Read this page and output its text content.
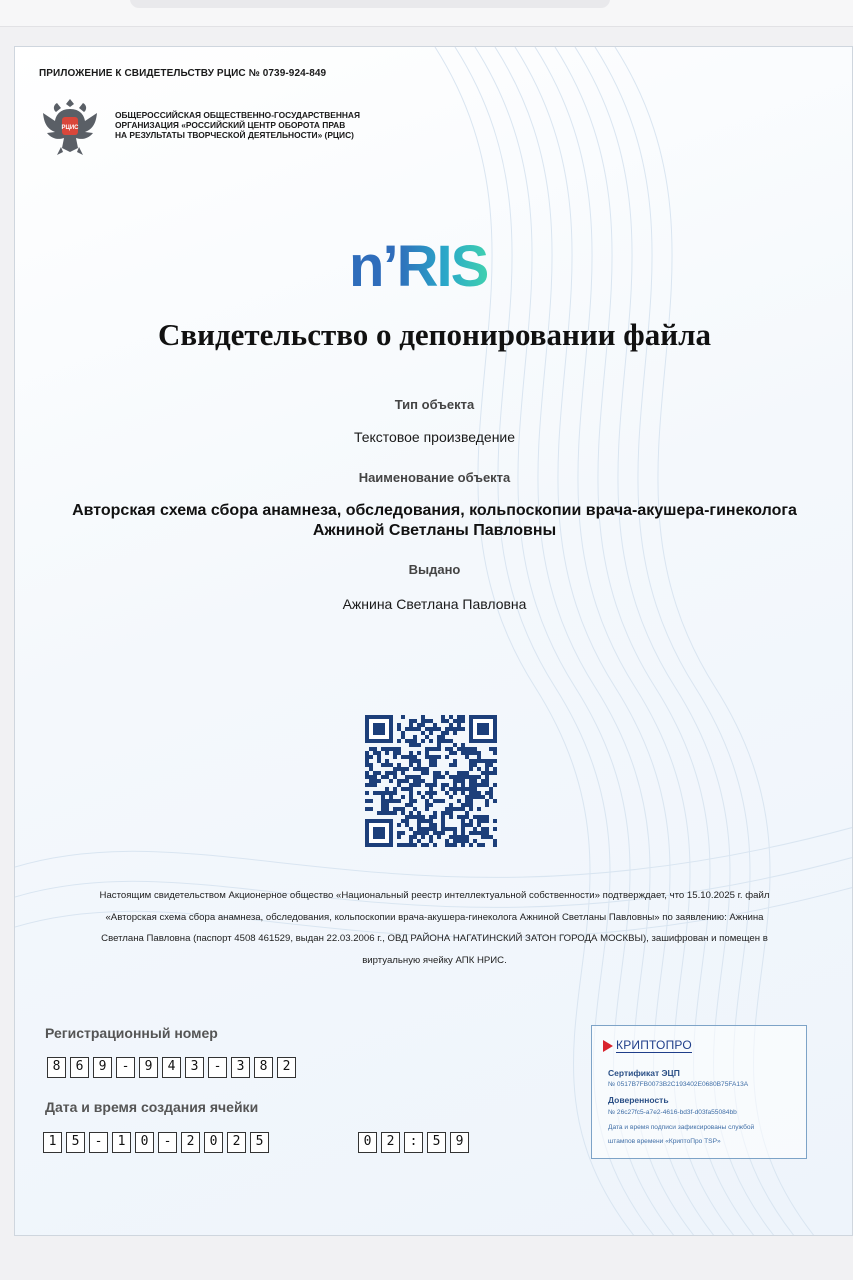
ПРИЛОЖЕНИЕ К СВИДЕТЕЛЬСТВУ РЦИС № 0739-924-849
РЦИС
ОБЩЕРОССИЙСКАЯ ОБЩЕСТВЕННО-ГОСУДАРСТВЕННАЯ
ОРГАНИЗАЦИЯ «РОССИЙСКИЙ ЦЕНТР ОБОРОТА ПРАВ
НА РЕЗУЛЬТАТЫ ТВОРЧЕСКОЙ ДЕЯТЕЛЬНОСТИ» (РЦИС)
n’RIS
Свидетельство о депонировании файла
Тип объекта
Текстовое произведение
Наименование объекта
Авторская схема сбора анамнеза, обследования, кольпоскопии врача-акушера-гинеколога
Ажниной Светланы Павловны
Выдано
Ажнина Светлана Павловна
Настоящим свидетельством Акционерное общество «Национальный реестр интеллектуальной собственности» подтверждает, что 15.10.2025 г. файл
«Авторская схема сбора анамнеза, обследования, кольпоскопии врача-акушера-гинеколога Ажниной Светланы Павловны» по заявлению: Ажнина
Светлана Павловна (паспорт 4508 461529, выдан 22.03.2006 г., ОВД РАЙОНА НАГАТИНСКИЙ ЗАТОН ГОРОДА МОСКВЫ), зашифрован и помещен в
виртуальную ячейку АПК НРИС.
Регистрационный номер
8	6	9	-	9	4	3	-	3	8	2
Дата и время создания ячейки
1	5	-	1	0	-	2	0	2	5	0	2	:	5	9
КРИПТОПРО
Сертификат ЭЦП
№ 0517B7FB0073B2C193402E0680B75FA13A
Доверенность
№ 26c27fc5-a7e2-4616-bd3f-d03fa55084bb
Дата и время подписи зафиксированы службой
штампов времени «КриптоПро TSP»
